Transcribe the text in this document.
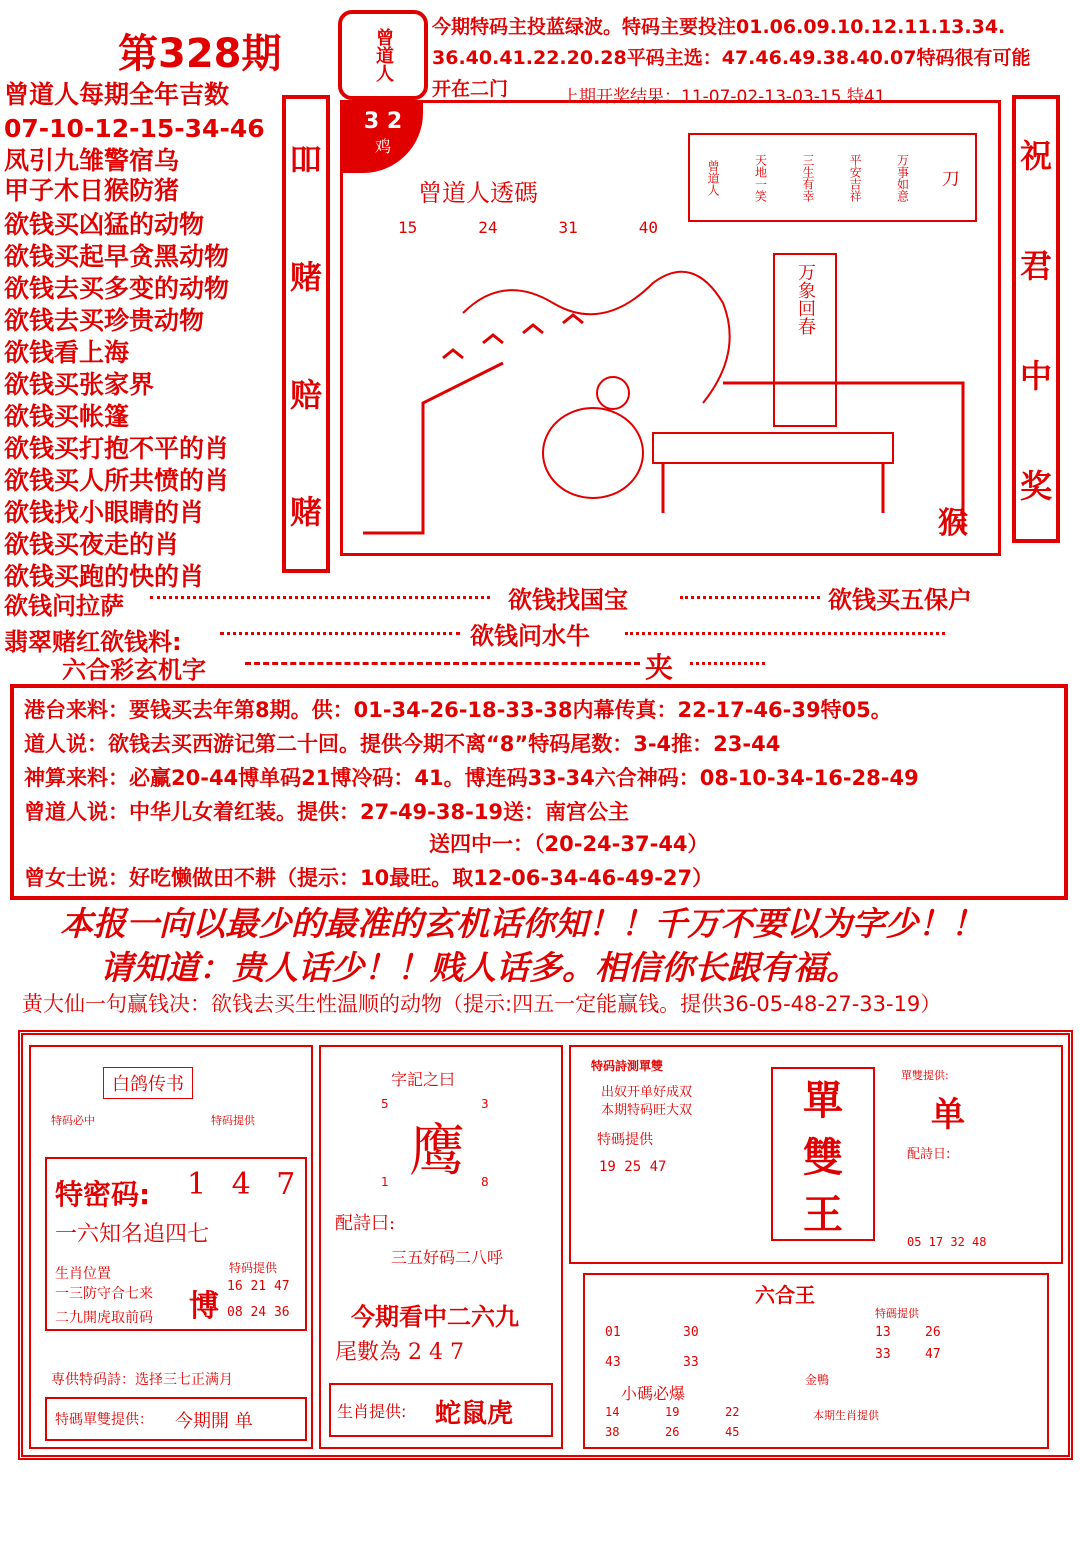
第328期	曾道人
今期特码主投蓝绿波。特码主要投注01.06.09.10.12.11.13.34.
36.40.41.22.20.28平码主选：47.46.49.38.40.07特码很有可能
开在二门	上期开奖结果：11-07-02-13-03-15 特41
曾道人每期全年吉数
07-10-12-15-34-46
凤引九雏警宿乌
甲子木日猴防猪
欲钱买凶猛的动物
欲钱买起早贪黑动物
欲钱去买多变的动物
欲钱去买珍贵动物
欲钱看上海
欲钱买张家界
欲钱买帐篷
欲钱买打抱不平的肖
欲钱买人所共愤的肖
欲钱找小眼睛的肖
欲钱买夜走的肖
欲钱买跑的快的肖
吅
赌
赔
赌
祝
君
中
奖
3 2
鸡
曾道人透碼
15	24	31	40
曾道人	天地一笑	三生有幸	平安吉祥	万事如意 刀
万象回春
猴
欲钱问拉萨	欲钱找国宝	欲钱买五保户
翡翠赌红欲钱料:	欲钱问水牛
六合彩玄机字	夹
港台来料：要钱买去年第8期。供：01-34-26-18-33-38内幕传真：22-17-46-39特05。
道人说：欲钱去买西游记第二十回。提供今期不离“8”特码尾数：3-4推：23-44
神算来料：必赢20-44博单码21博冷码：41。博连码33-34六合神码：08-10-34-16-28-49
曾道人说：中华儿女着红装。提供：27-49-38-19送：南宫公主
送四中一：（20-24-37-44）
曾女士说：好吃懒做田不耕（提示：10最旺。取12-06-34-46-49-27）
本报一向以最少的最准的玄机话你知！！千万不要以为字少！！
请知道：贵人话少！！贱人话多。相信你长跟有福。
黄大仙一句赢钱决：欲钱去买生性温顺的动物（提示:四五一定能赢钱。提供36-05-48-27-33-19）
白鸽传书
特码必中	特码提供
特密码: 1 4 7
一六知名追四七
生肖位置
一三防守合七来
二九開虎取前码 博
特码提供
16 21 47
08 24 36
専供特码詩：选择三七正满月
特碼單雙提供： 今期開 单
字記之曰
5	3
鹰
1	8
配詩曰:
三五好码二八呼
今期看中二六九
尾數為 2 4 7
生肖提供: 蛇鼠虎
特码詩測單雙
出奴开单好成双
本期特码旺大双
特碼提供
19 25 47
單
雙
王
單雙提供:
单
配詩日:
05 17 32 48
六合王
01	30
43	33
金鴨
特碼提供
13	26
33	47
小碼必爆
14	19	22
38	26	45
本期生肖提供
